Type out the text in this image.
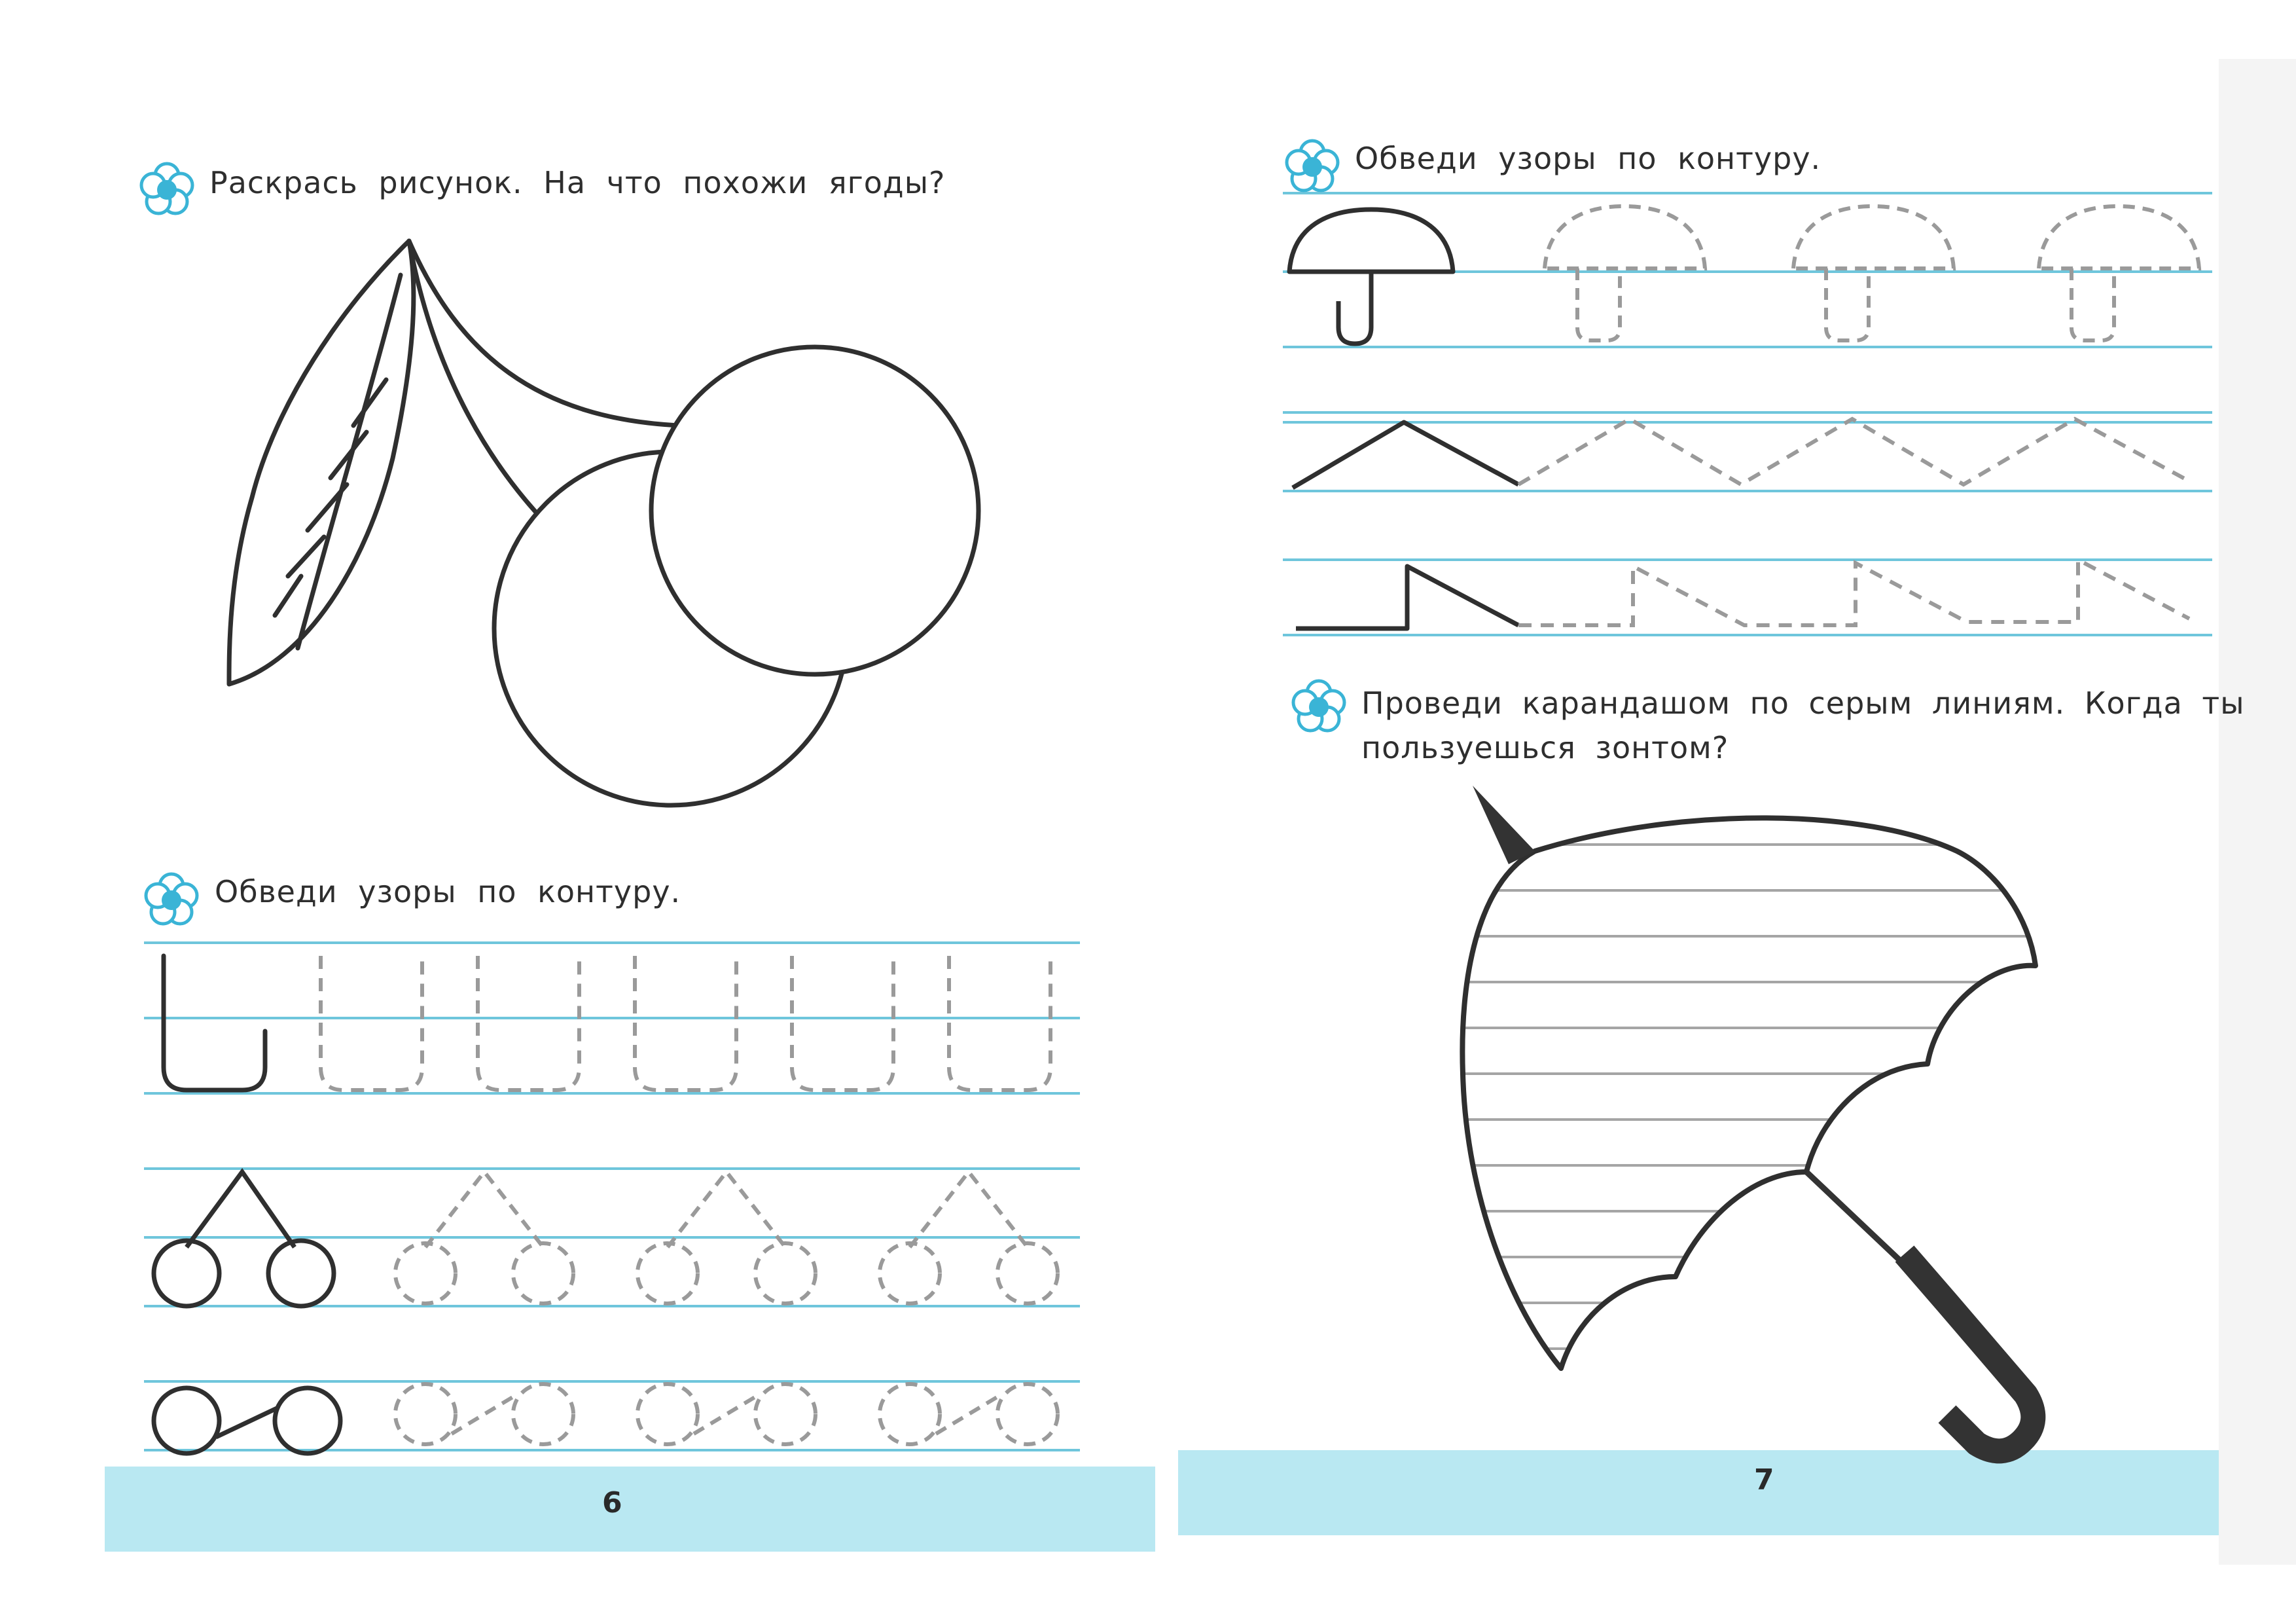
Раскрась рисунок. На что похожи ягоды?
Обведи узоры по контуру.
6
Обведи узоры по контуру.
Проведи карандашом по серым линиям. Когда ты
пользуешься зонтом?
7
